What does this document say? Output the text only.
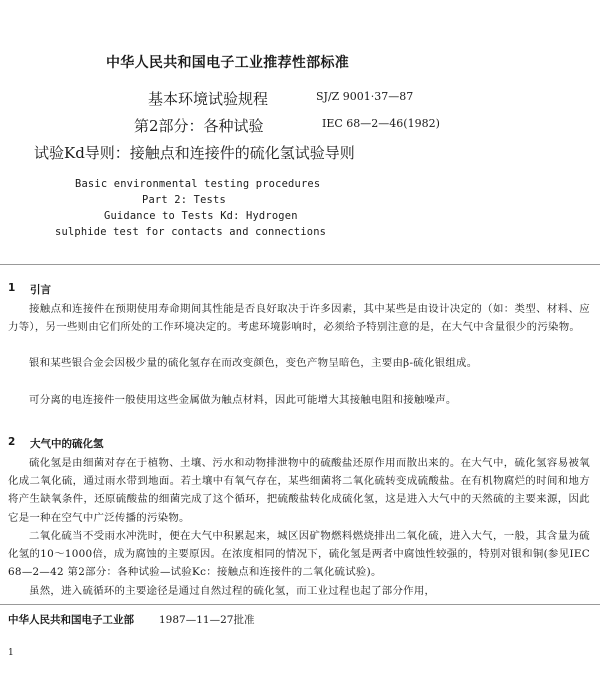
中华人民共和国电子工业推荐性部标准
基本环境试验规程	SJ/Z 9001·37—87
第2部分：各种试验	IEC 68—2—46(1982)
试验Kd导则：接触点和连接件的硫化氢试验导则
Basic environmental testing procedures
Part 2: Tests
Guidance to Tests Kd: Hydrogen
sulphide test for contacts and connections
1 引言
接触点和连接件在预期使用寿命期间其性能是否良好取决于许多因素，其中某些是由设计决定的（如：类型、材料、应力等），另一些则由它们所处的工作环境决定的。考虑环境影响时，必须给予特别注意的是，在大气中含量很少的污染物。
银和某些银合金会因极少量的硫化氢存在而改变颜色，变色产物呈暗色，主要由β-硫化银组成。
可分离的电连接件一般使用这些金属做为触点材料，因此可能增大其接触电阻和接触噪声。
2 大气中的硫化氢
硫化氢是由细菌对存在于植物、土壤、污水和动物排泄物中的硫酸盐还原作用而散出来的。在大气中，硫化氢容易被氧化成二氧化硫，通过雨水带到地面。若土壤中有氧气存在，某些细菌将二氧化硫转变成硫酸盐。在有机物腐烂的时间和地方将产生缺氧条件，还原硫酸盐的细菌完成了这个循环，把硫酸盐转化成硫化氢，这是进入大气中的天然硫的主要来源，因此它是一种在空气中广泛传播的污染物。
二氧化硫当不受雨水冲洗时，便在大气中积累起来，城区因矿物燃料燃烧排出二氧化硫，进入大气，一般，其含量为硫化氢的10～1000倍，成为腐蚀的主要原因。在浓度相同的情况下，硫化氢是两者中腐蚀性较强的，特别对银和铜(参见IEC 68—2—42 第2部分：各种试验—试验Kc：接触点和连接件的二氧化硫试验)。
虽然，进入硫循环的主要途径是通过自然过程的硫化氢，而工业过程也起了部分作用，
中华人民共和国电子工业部 1987—11—27批准
1
